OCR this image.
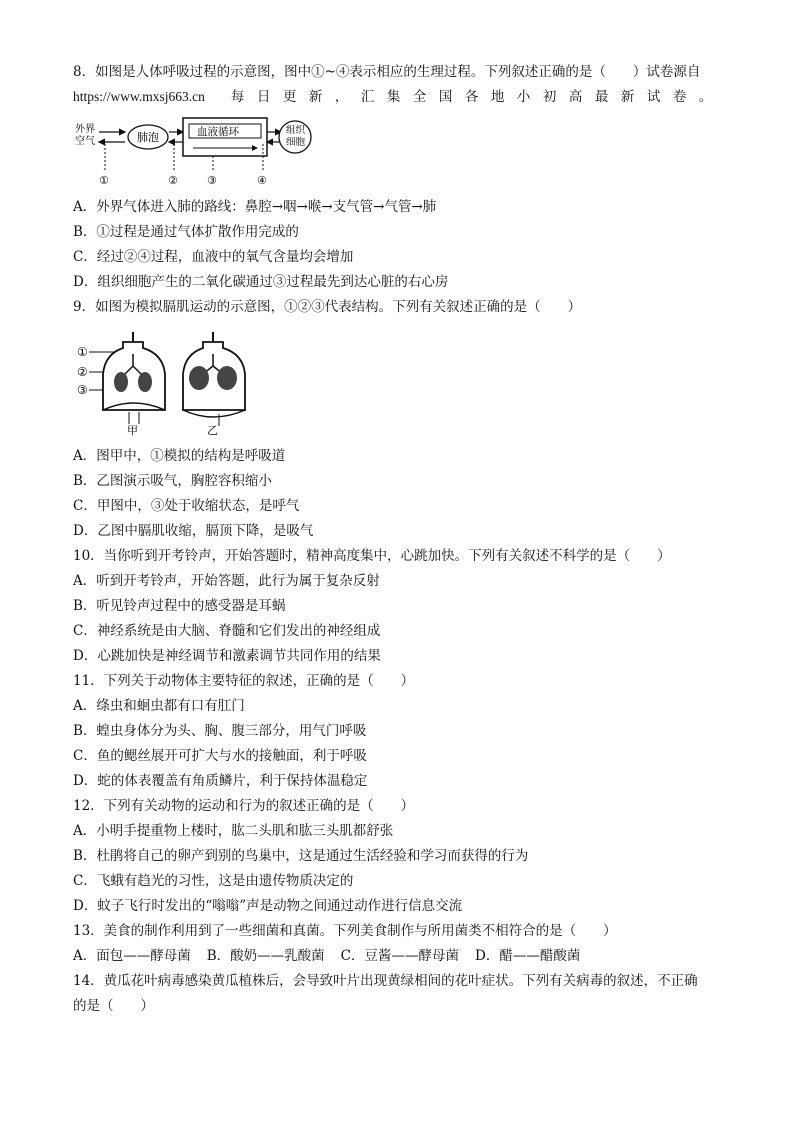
8．如图是人体呼吸过程的示意图，图中①~④表示相应的生理过程。下列叙述正确的是（　　）试卷源自
https://www.mxsj663.cn	每日更新，汇集全国各地小初高最新试卷。
外界
空气	肺泡	血液循环	组织
细胞
①	②	③	④
A．外界气体进入肺的路线：鼻腔→咽→喉→支气管→气管→肺
B．①过程是通过气体扩散作用完成的
C．经过②④过程，血液中的氧气含量均会增加
D．组织细胞产生的二氧化碳通过③过程最先到达心脏的右心房
9．如图为模拟膈肌运动的示意图，①②③代表结构。下列有关叙述正确的是（　　）
①
②
③
甲	乙
A．图甲中，①模拟的结构是呼吸道
B．乙图演示吸气，胸腔容积缩小
C．甲图中，③处于收缩状态，是呼气
D．乙图中膈肌收缩，膈顶下降，是吸气
10．当你听到开考铃声，开始答题时，精神高度集中，心跳加快。下列有关叙述不科学的是（　　）
A．听到开考铃声，开始答题，此行为属于复杂反射
B．听见铃声过程中的感受器是耳蜗
C．神经系统是由大脑、脊髓和它们发出的神经组成
D．心跳加快是神经调节和激素调节共同作用的结果
11．下列关于动物体主要特征的叙述，正确的是（　　）
A．绦虫和蛔虫都有口有肛门
B．蝗虫身体分为头、胸、腹三部分，用气门呼吸
C．鱼的鳃丝展开可扩大与水的接触面，利于呼吸
D．蛇的体表覆盖有角质鳞片，利于保持体温稳定
12．下列有关动物的运动和行为的叙述正确的是（　　）
A．小明手提重物上楼时，肱二头肌和肱三头肌都舒张
B．杜鹃将自己的卵产到别的鸟巢中，这是通过生活经验和学习而获得的行为
C．飞蛾有趋光的习性，这是由遗传物质决定的
D．蚊子飞行时发出的“嗡嗡”声是动物之间通过动作进行信息交流
13．美食的制作利用到了一些细菌和真菌。下列美食制作与所用菌类不相符合的是（　　）
A．面包——酵母菌 B．酸奶——乳酸菌 C．豆酱——酵母菌 D．醋——醋酸菌
14．黄瓜花叶病毒感染黄瓜植株后，会导致叶片出现黄绿相间的花叶症状。下列有关病毒的叙述，不正确
的是（　　）
